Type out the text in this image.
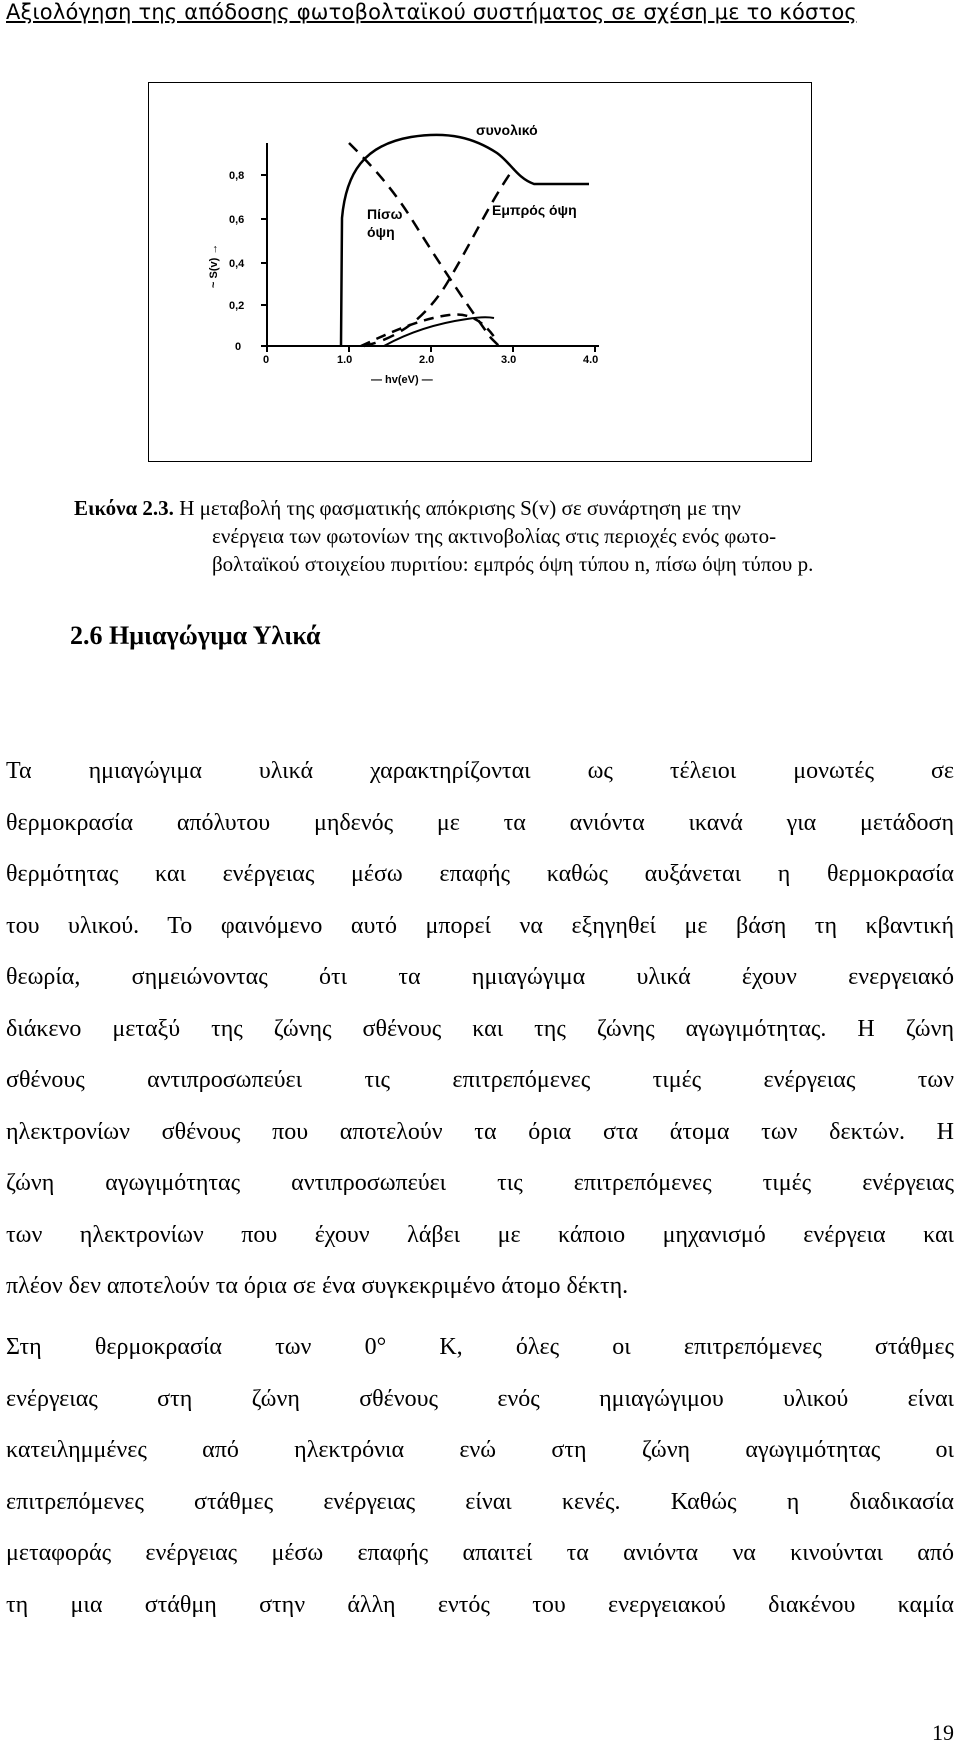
Αξιολόγηση της απόδοσης φωτοβολταϊκού συστήματος σε σχέση με το κόστος
0
0,2
0,4
0,6
0,8
0	1.0	2.0	3.0	4.0
~ S(v) →
— hv(eV) —
συνολικό
Εμπρός όψη
Πίσω
όψη
Εικόνα 2.3. Η μεταβολή της φασματικής απόκρισης S(v) σε συνάρτηση με την
ενέργεια των φωτονίων της ακτινοβολίας στις περιοχές ενός φωτο-
βολταϊκού στοιχείου πυριτίου: εμπρός όψη τύπου n, πίσω όψη τύπου p.
2.6 Ημιαγώγιμα Υλικά
Τα ημιαγώγιμα υλικά χαρακτηρίζονται ως τέλειοι μονωτές σε
θερμοκρασία απόλυτου μηδενός με τα ανιόντα ικανά για μετάδοση
θερμότητας και ενέργειας μέσω επαφής καθώς αυξάνεται η θερμοκρασία
του υλικού. Το φαινόμενο αυτό μπορεί να εξηγηθεί με βάση τη κβαντική
θεωρία, σημειώνοντας ότι τα ημιαγώγιμα υλικά έχουν ενεργειακό
διάκενο μεταξύ της ζώνης σθένους και της ζώνης αγωγιμότητας. Η ζώνη
σθένους αντιπροσωπεύει τις επιτρεπόμενες τιμές ενέργειας των
ηλεκτρονίων σθένους που αποτελούν τα όρια στα άτομα των δεκτών. Η
ζώνη αγωγιμότητας αντιπροσωπεύει τις επιτρεπόμενες τιμές ενέργειας
των ηλεκτρονίων που έχουν λάβει με κάποιο μηχανισμό ενέργεια και
πλέον δεν αποτελούν τα όρια σε ένα συγκεκριμένο άτομο δέκτη.
Στη θερμοκρασία των 0° K, όλες οι επιτρεπόμενες στάθμες
ενέργειας στη ζώνη σθένους ενός ημιαγώγιμου υλικού είναι
κατειλημμένες από ηλεκτρόνια ενώ στη ζώνη αγωγιμότητας οι
επιτρεπόμενες στάθμες ενέργειας είναι κενές. Καθώς η διαδικασία
μεταφοράς ενέργειας μέσω επαφής απαιτεί τα ανιόντα να κινούνται από
τη μια στάθμη στην άλλη εντός του ενεργειακού διακένου καμία
19
